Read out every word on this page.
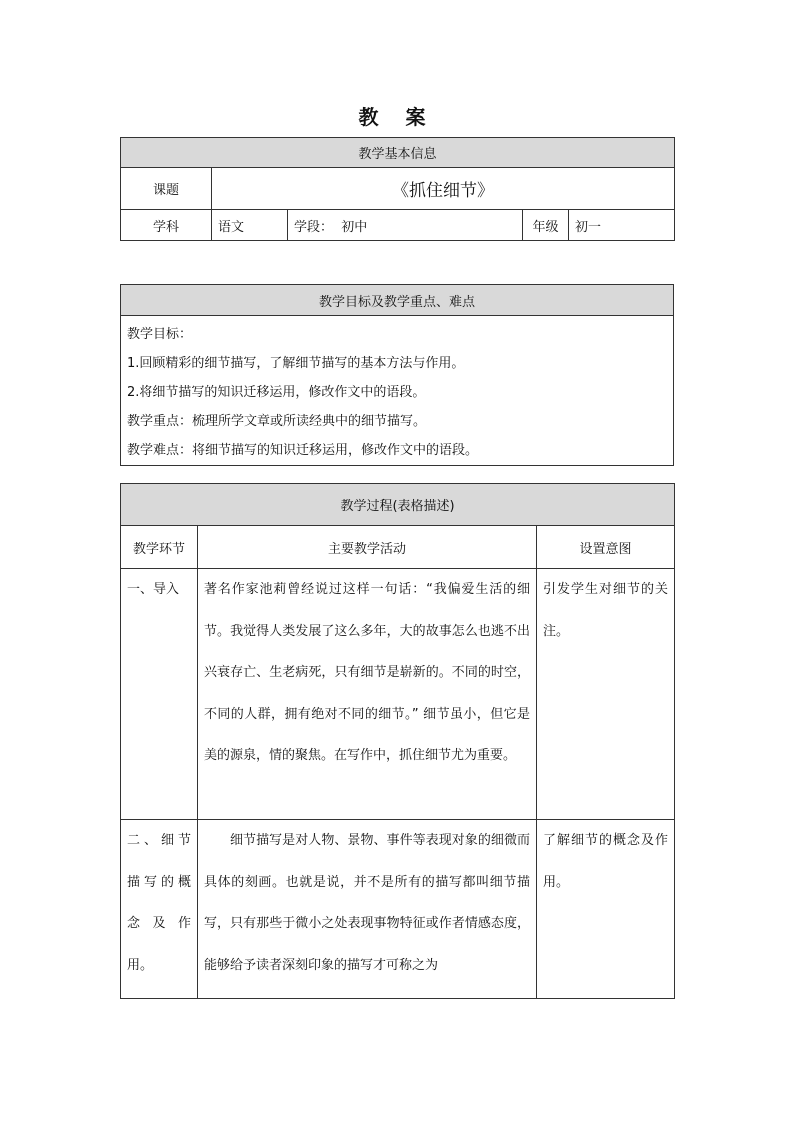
教 案
教学基本信息				
课题	《抓住细节》			
学科	语文	学段： 初中	年级	初一
教学目标及教学重点、难点

教学目标：
1.回顾精彩的细节描写，了解细节描写的基本方法与作用。
2.将细节描写的知识迁移运用，修改作文中的语段。
教学重点：梳理所学文章或所读经典中的细节描写。
教学难点：将细节描写的知识迁移运用，修改作文中的语段。
教学过程(表格描述)		
教学环节	主要教学活动	设置意图
一、导入	著名作家池莉曾经说过这样一句话：“我偏爱生活的细节。我觉得人类发展了这么多年，大的故事怎么也逃不出兴衰存亡、生老病死，只有细节是崭新的。不同的时空，不同的人群，拥有绝对不同的细节。” 细节虽小，但它是美的源泉，情的聚焦。在写作中，抓住细节尤为重要。	引发学生对细节的关注。
二、细节描写的概念及作用。	细节描写是对人物、景物、事件等表现对象的细微而具体的刻画。也就是说，并不是所有的描写都叫细节描写，只有那些于微小之处表现事物特征或作者情感态度，能够给予读者深刻印象的描写才可称之为	了解细节的概念及作用。
